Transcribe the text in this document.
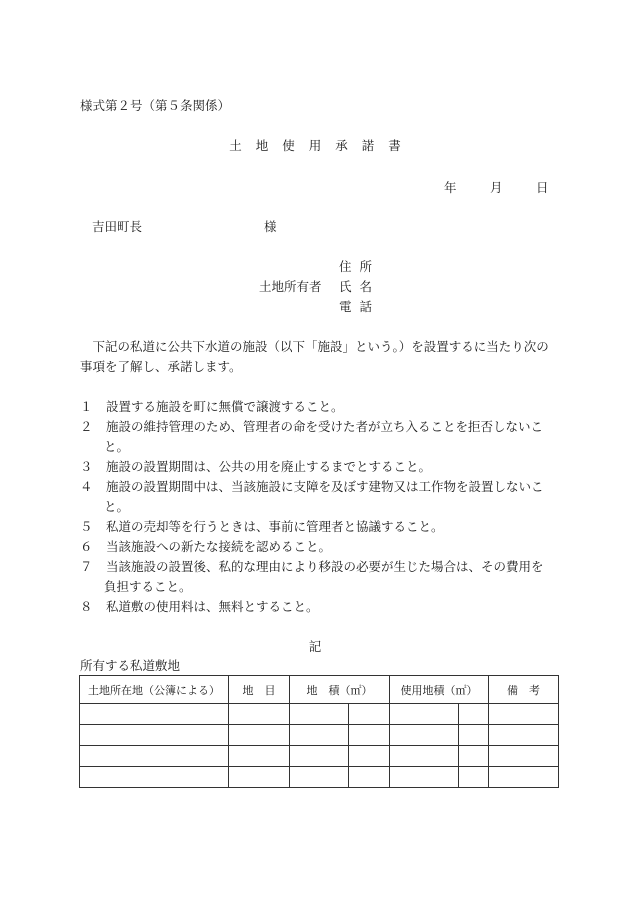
様式第２号（第５条関係）
土地使用承諾書
年	月	日
吉田町長	様
住所
土地所有者 氏名
電話
下記の私道に公共下水道の施設（以下「施設」という。）を設置するに当たり次の事項を了解し、承諾します。
１ 設置する施設を町に無償で譲渡すること。
２ 施設の維持管理のため、管理者の命を受けた者が立ち入ることを拒否しないこと。
３ 施設の設置期間は、公共の用を廃止するまでとすること。
４ 施設の設置期間中は、当該施設に支障を及ぼす建物又は工作物を設置しないこと。
５ 私道の売却等を行うときは、事前に管理者と協議すること。
６ 当該施設への新たな接続を認めること。
７ 当該施設の設置後、私的な理由により移設の必要が生じた場合は、その費用を負担すること。
８ 私道敷の使用料は、無料とすること。
記
所有する私道敷地
土地所在地（公簿による）	地　目	地　積（㎡）		使用地積（㎡）		備　考
